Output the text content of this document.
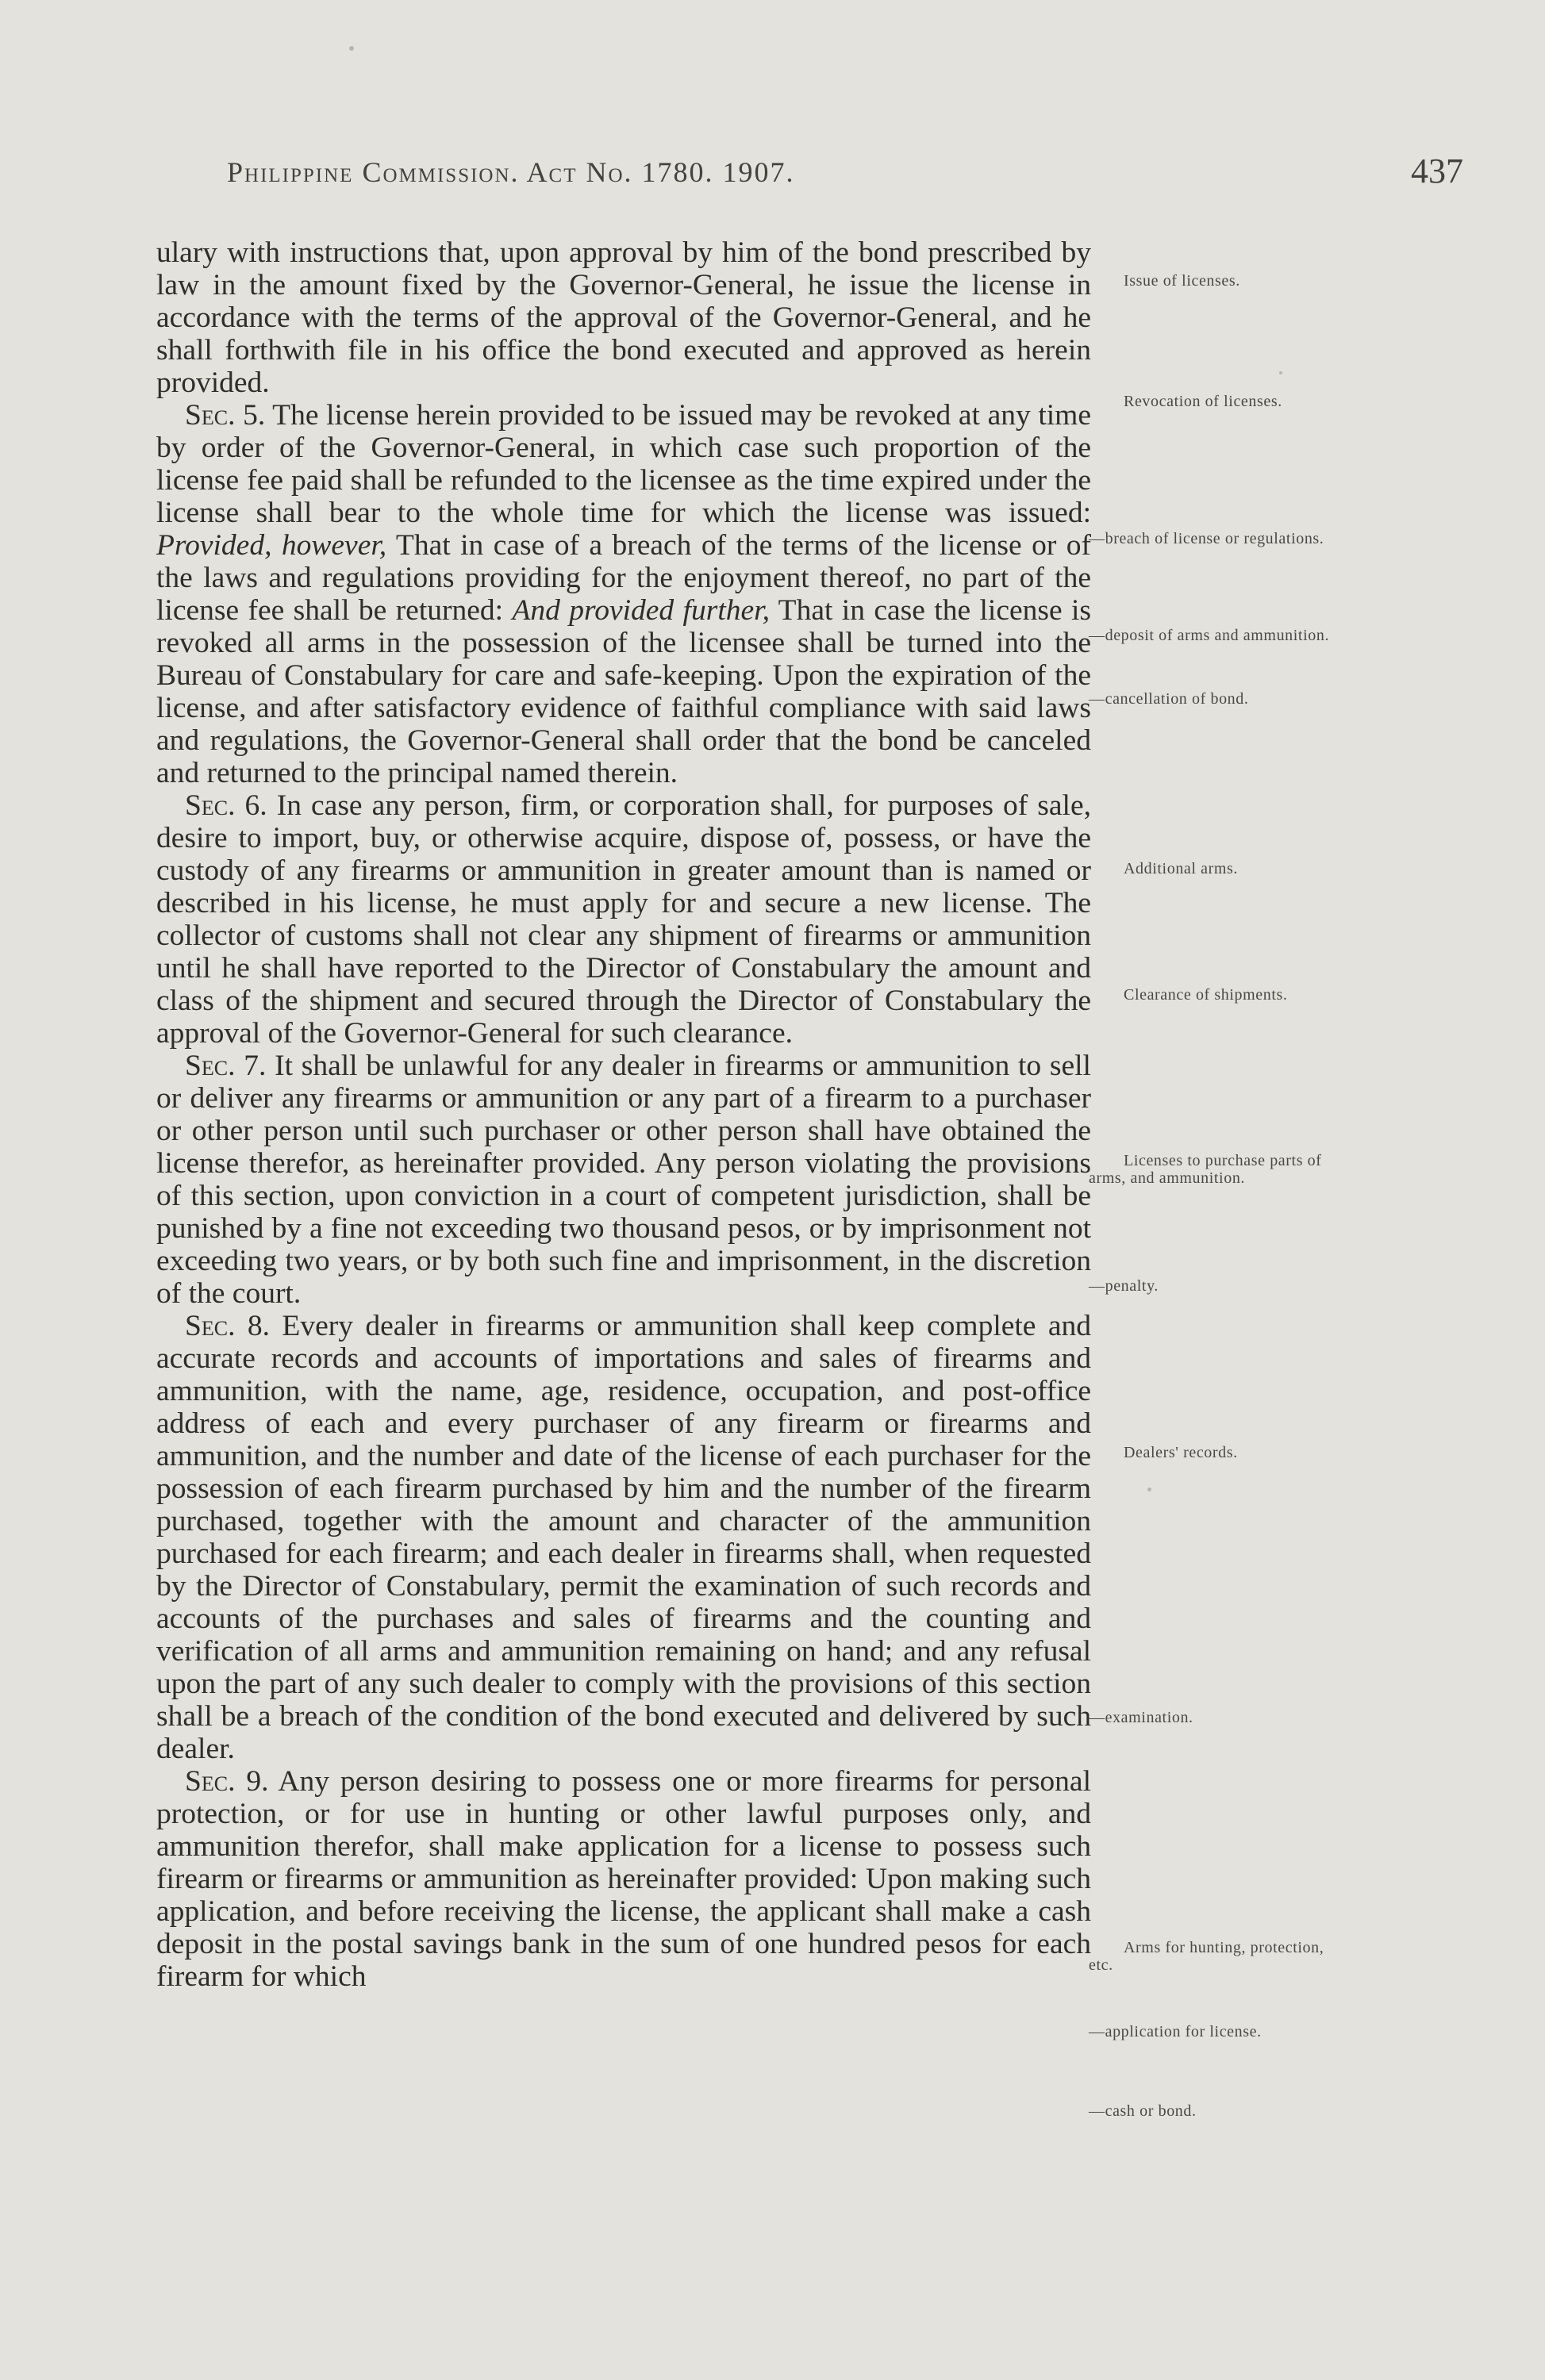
Philippine Commission. Act No. 1780. 1907.	437

ulary with instructions that, upon approval by him of the bond prescribed by law in the amount fixed by the Governor-General, he issue the license in accordance with the terms of the approval of the Governor-General, and he shall forthwith file in his office the bond executed and approved as herein provided.

Sec. 5. The license herein provided to be issued may be revoked at any time by order of the Governor-General, in which case such proportion of the license fee paid shall be refunded to the licensee as the time expired under the license shall bear to the whole time for which the license was issued: Provided, however, That in case of a breach of the terms of the license or of the laws and regulations providing for the enjoyment thereof, no part of the license fee shall be returned: And provided further, That in case the license is revoked all arms in the possession of the licensee shall be turned into the Bureau of Constabulary for care and safe-keeping. Upon the expiration of the license, and after satisfactory evidence of faithful compliance with said laws and regulations, the Governor-General shall order that the bond be canceled and returned to the principal named therein.

Sec. 6. In case any person, firm, or corporation shall, for purposes of sale, desire to import, buy, or otherwise acquire, dispose of, possess, or have the custody of any firearms or ammunition in greater amount than is named or described in his license, he must apply for and secure a new license. The collector of customs shall not clear any shipment of firearms or ammunition until he shall have reported to the Director of Constabulary the amount and class of the shipment and secured through the Director of Constabulary the approval of the Governor-General for such clearance.

Sec. 7. It shall be unlawful for any dealer in firearms or ammunition to sell or deliver any firearms or ammunition or any part of a firearm to a purchaser or other person until such purchaser or other person shall have obtained the license therefor, as hereinafter provided. Any person violating the provisions of this section, upon conviction in a court of competent jurisdiction, shall be punished by a fine not exceeding two thousand pesos, or by imprisonment not exceeding two years, or by both such fine and imprisonment, in the discretion of the court.

Sec. 8. Every dealer in firearms or ammunition shall keep complete and accurate records and accounts of importations and sales of firearms and ammunition, with the name, age, residence, occupation, and post-office address of each and every purchaser of any firearm or firearms and ammunition, and the number and date of the license of each purchaser for the possession of each firearm purchased by him and the number of the firearm purchased, together with the amount and character of the ammunition purchased for each firearm; and each dealer in firearms shall, when requested by the Director of Constabulary, permit the examination of such records and accounts of the purchases and sales of firearms and the counting and verification of all arms and ammunition remaining on hand; and any refusal upon the part of any such dealer to comply with the provisions of this section shall be a breach of the condition of the bond executed and delivered by such dealer.

Sec. 9. Any person desiring to possess one or more firearms for personal protection, or for use in hunting or other lawful purposes only, and ammunition therefor, shall make application for a license to possess such firearm or firearms or ammunition as hereinafter provided: Upon making such application, and before receiving the license, the applicant shall make a cash deposit in the postal savings bank in the sum of one hundred pesos for each firearm for which

Issue of licenses.
Revocation of licenses.
—breach of license or regulations.
—deposit of arms and ammunition.
—cancellation of bond.
Additional arms.
Clearance of shipments.
Licenses to purchase parts of arms, and ammunition.
—penalty.
Dealers' records.
—examination.
Arms for hunting, protection, etc.
—application for license.
—cash or bond.
